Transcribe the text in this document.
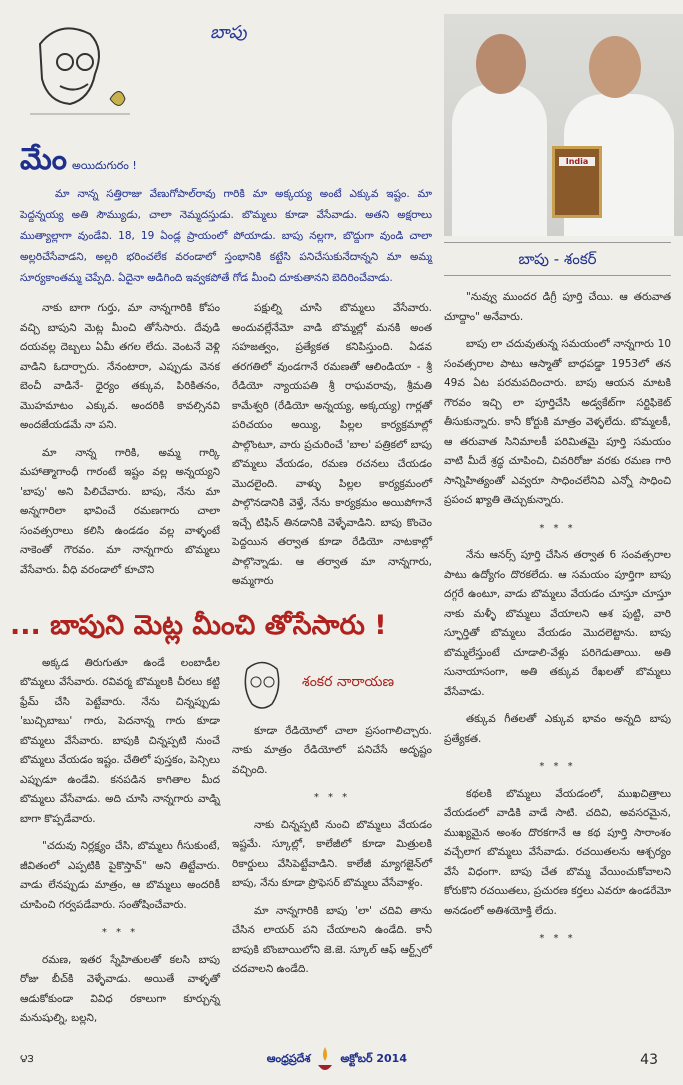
బాపు
మేం అయిదుగురం !

మా నాన్న సత్తిరాజు వేణుగోపాల్‌రావు గారికి మా అక్కయ్య అంటే ఎక్కువ ఇష్టం. మా పెద్దన్నయ్య అతి సౌమ్యుడు, చాలా నెమ్మదస్తుడు. బొమ్మలు కూడా వేసేవాడు. అతని అక్షరాలు ముత్యాల్లాగా వుండేవి. 18, 19 ఏండ్ల ప్రాయంలో పోయాడు. బాపు నల్లగా, బొద్దుగా వుండి చాలా అల్లరిచేసేవాడని, అల్లరి భరించలేక వరండాలో స్తంభానికి కట్టేసి పనిచేసుకునేదాన్నని మా అమ్మ సూర్యకాంతమ్మ చెప్పేది. ఏదైనా అడిగింది ఇవ్వకపోతే గోడ మీంచి దూకుతానని బెదిరించేవాడు.

నాకు బాగా గుర్తు, మా నాన్నగారికి కోపం వచ్చి బాపుని మెట్ల మీంచి తోసేసారు. దేవుడి దయవల్ల దెబ్బలు ఏమీ తగల లేదు. వెంటనే వెళ్లి వాడిని ఓదార్చారు. నేనంటారా, ఎప్పుడు వెనక బెంచీ వాడినే- ధైర్యం తక్కువ, పిరికితనం, మొహమాటం ఎక్కువ. అందరికి కావల్సినవి అందజేయడమే నా పని.

మా నాన్న గారికి, అమ్మ గార్కి మహాత్మాగాంధీ గారంటే ఇష్టం వల్ల అన్నయ్యని 'బాపు' అని పిలిచేవారు. బాపు, నేను మా అన్నగారిలా భావించే రమణగారు చాలా సంవత్సరాలు కలిసి ఉండడం వల్ల వాళ్ళంటే నాకెంతో గౌరవం. మా నాన్నగారు బొమ్మలు వేసేవారు. వీధి వరండాలో కూచొని

పక్షుల్ని చూసి బొమ్మలు వేసేవారు. అందువల్లేనేమో వాడి బొమ్మల్లో మనకి అంత సహజత్వం, ప్రత్యేకత కనిపిస్తుంది. ఏడవ తరగతిలో వుండగానే రమణతో ఆలిండియా - శ్రీ రేడియో న్యాయపతి శ్రీ రాఘవరావు, శ్రీమతి కామేశ్వరి (రేడియో అన్నయ్య, అక్కయ్య) గార్లతో పరిచయం అయ్యి, పిల్లల కార్యక్రమాల్లో పాల్గొంటూ, వారు ప్రచురించే 'బాల' పత్రికలో బాపు బొమ్మలు వేయడం, రమణ రచనలు చేయడం మొదలైంది. వాళ్ళు పిల్లల కార్యక్రమంలో పాల్గొనడానికి వెళ్తే, నేను కార్యక్రమం అయిపోగానే ఇచ్చే టిఫిన్ తినడానికి వెళ్ళేవాడిని. బాపు కొంచెం పెద్దయిన తర్వాత కూడా రేడియో నాటకాల్లో పాల్గొన్నాడు. ఆ తర్వాత మా నాన్నగారు, అమ్మగారు

... బాపుని మెట్ల మీంచి తోసేసారు !

అక్కడ తిరుగుతూ ఉండే లంబాడీల బొమ్మలు వేసేవారు. రవివర్మ బొమ్మలకి చీరలు కట్టి ఫ్రేమ్ చేసి పెట్టేవారు. నేను చిన్నప్పుడు 'బుచ్చిబాబు' గారు, పెదనాన్న గారు కూడా బొమ్మలు వేసేవారు. బాపుకి చిన్నప్పటి నుంచే బొమ్మలు వేయడం ఇష్టం. చేతిలో పుస్తకం, పెన్సిలు ఎప్పుడూ ఉండేవి. కనపడిన కాగితాల మీద బొమ్మలు వేసేవాడు. అది చూసి నాన్నగారు వాడ్ని బాగా కొప్పడేవారు.

"చదువు నిర్లక్ష్యం చేసి, బొమ్మలు గీసుకుంటే, జీవితంలో ఎప్పటికి పైకొస్తావ్" అని తిట్టేవారు. వాడు లేనప్పుడు మాత్రం, ఆ బొమ్మలు అందరికీ చూపించి గర్వపడేవారు. సంతోషించేవారు.

* * *

రమణ, ఇతర స్నేహితులతో కలసి బాపు రోజు బీచ్‌కి వెళ్ళేవాడు. అయితే వాళ్ళతో ఆడుకోకుండా వివిధ రకాలుగా కూర్చున్న మనుషుల్ని, బల్లని,

శంకర నారాయణ

కూడా రేడియోలో చాలా ప్రసంగాలిచ్చారు. నాకు మాత్రం రేడియోలో పనిచేసే అదృష్టం వచ్చింది.

* * *

నాకు చిన్నప్పటి నుంచి బొమ్మలు వేయడం ఇష్టమే. స్కూల్లో, కాలేజీలో కూడా మిత్రులకి రికార్డులు వేసిపెట్టేవాడిని. కాలేజీ మ్యాగజైన్‌లో బాపు, నేను కూడా ప్రొఫెసర్ బొమ్మలు వేసేవాళ్లం.

మా నాన్నగారికి బాపు 'లా' చదివి తాను చేసిన లాయర్ పని చేయాలని ఉండేది. కానీ బాపుకి బొంబాయిలోని జె.జె. స్కూల్ ఆఫ్ ఆర్ట్స్‌లో చదవాలని ఉండేది.

India
బాపు - శంకర్

"నువ్వు ముందర డిగ్రీ పూర్తి చేయి. ఆ తరువాత చూద్దాం" అనేవారు.

బాపు లా చదువుతున్న సమయంలో నాన్నగారు 10 సంవత్సరాల పాటు ఆస్మాతో బాధపడ్డా 1953లో తన 49వ ఏట పరమపదించారు. బాపు ఆయన మాటకి గౌరవం ఇచ్చి లా పూర్తిచేసి అడ్వకేట్‌గా సర్టిఫికెట్ తీసుకున్నారు. కానీ కోర్టుకి మాత్రం వెళ్ళలేదు. బొమ్మలకీ, ఆ తరువాత సినిమాలకీ పరిమితమై పూర్తి సమయం వాటి మీదే శ్రద్ధ చూపించి, చివరిరోజు వరకు రమణ గారి సాన్నిహిత్యంతో ఎవ్వరూ సాధించలేనివి ఎన్నో సాధించి ప్రపంచ ఖ్యాతి తెచ్చుకున్నారు.

* * *

నేను ఆనర్స్ పూర్తి చేసిన తర్వాత 6 సంవత్సరాల పాటు ఉద్యోగం దొరకలేదు. ఆ సమయం పూర్తిగా బాపు దగ్గరే ఉంటూ, వాడు బొమ్మలు వేయడం చూస్తూ చూస్తూ నాకు మళ్ళీ బొమ్మలు వేయాలని ఆశ పుట్టి, వారి స్ఫూర్తితో బొమ్మలు వేయడం మొదలెట్టాను. బాపు బొమ్మలేస్తుంటే చూడాలి-వేళ్లు పరిగెడుతాయి. అతి సునాయాసంగా, అతి తక్కువ రేఖలతో బొమ్మలు వేసేవాడు.

తక్కువ గీతలతో ఎక్కువ భావం అన్నది బాపు ప్రత్యేకత.

* * *

కథలకి బొమ్మలు వేయడంలో, ముఖచిత్రాలు వేయడంలో వాడికి వాడే సాటి. చదివి, అవసరమైన, ముఖ్యమైన అంశం దొరకగానే ఆ కథ పూర్తి సారాంశం వచ్చేలాగ బొమ్మలు వేసేవాడు. రచయితలను ఆశ్చర్యం వేసే విధంగా. బాపు చేత బొమ్మ వేయించుకోవాలని కోరుకొని రచయితలు, ప్రచురణ కర్తలు ఎవరూ ఉండరేమో అనడంలో అతిశయోక్తి లేదు.

* * *
౪౩	ఆంధ్రప్రదేశ	అక్టోబర్ 2014	43
